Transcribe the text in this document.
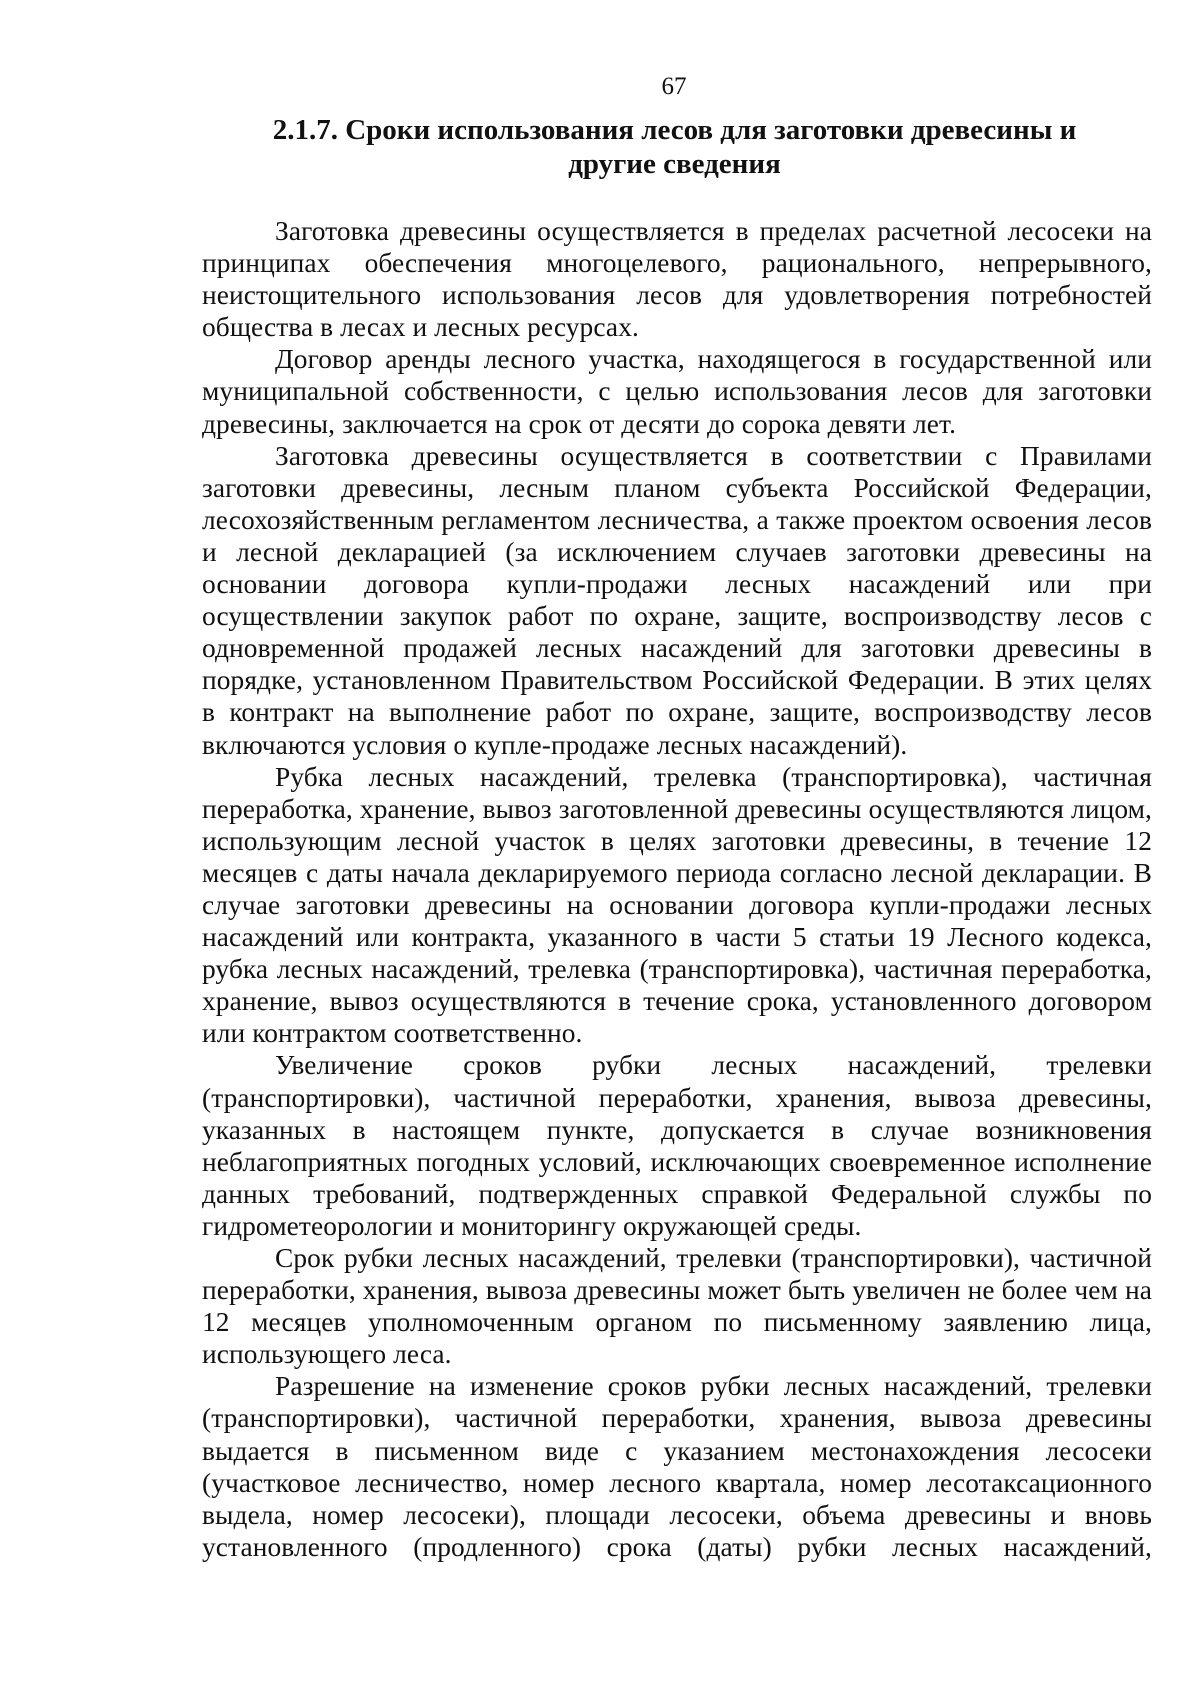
67
2.1.7. Сроки использования лесов для заготовки древесины и другие сведения

Заготовка древесины осуществляется в пределах расчетной лесосеки на принципах обеспечения многоцелевого, рационального, непрерывного, неистощительного использования лесов для удовлетворения потребностей общества в лесах и лесных ресурсах.

Договор аренды лесного участка, находящегося в государственной или муниципальной собственности, с целью использования лесов для заготовки древесины, заключается на срок от десяти до сорока девяти лет.

Заготовка древесины осуществляется в соответствии с Правилами заготовки древесины, лесным планом субъекта Российской Федерации, лесохозяйственным регламентом лесничества, а также проектом освоения лесов и лесной декларацией (за исключением случаев заготовки древесины на основании договора купли-продажи лесных насаждений или при осуществлении закупок работ по охране, защите, воспроизводству лесов с одновременной продажей лесных насаждений для заготовки древесины в порядке, установленном Правительством Российской Федерации. В этих целях в контракт на выполнение работ по охране, защите, воспроизводству лесов включаются условия о купле-продаже лесных насаждений).

Рубка лесных насаждений, трелевка (транспортировка), частичная переработка, хранение, вывоз заготовленной древесины осуществляются лицом, использующим лесной участок в целях заготовки древесины, в течение 12 месяцев с даты начала декларируемого периода согласно лесной декларации. В случае заготовки древесины на основании договора купли-продажи лесных насаждений или контракта, указанного в части 5 статьи 19 Лесного кодекса, рубка лесных насаждений, трелевка (транспортировка), частичная переработка, хранение, вывоз осуществляются в течение срока, установленного договором или контрактом соответственно.

Увеличение сроков рубки лесных насаждений, трелевки (транспортировки), частичной переработки, хранения, вывоза древесины, указанных в настоящем пункте, допускается в случае возникновения неблагоприятных погодных условий, исключающих своевременное исполнение данных требований, подтвержденных справкой Федеральной службы по гидрометеорологии и мониторингу окружающей среды.

Срок рубки лесных насаждений, трелевки (транспортировки), частичной переработки, хранения, вывоза древесины может быть увеличен не более чем на 12 месяцев уполномоченным органом по письменному заявлению лица, использующего леса.

Разрешение на изменение сроков рубки лесных насаждений, трелевки (транспортировки), частичной переработки, хранения, вывоза древесины выдается в письменном виде с указанием местонахождения лесосеки (участковое лесничество, номер лесного квартала, номер лесотаксационного выдела, номер лесосеки), площади лесосеки, объема древесины и вновь установленного (продленного) срока (даты) рубки лесных насаждений,
